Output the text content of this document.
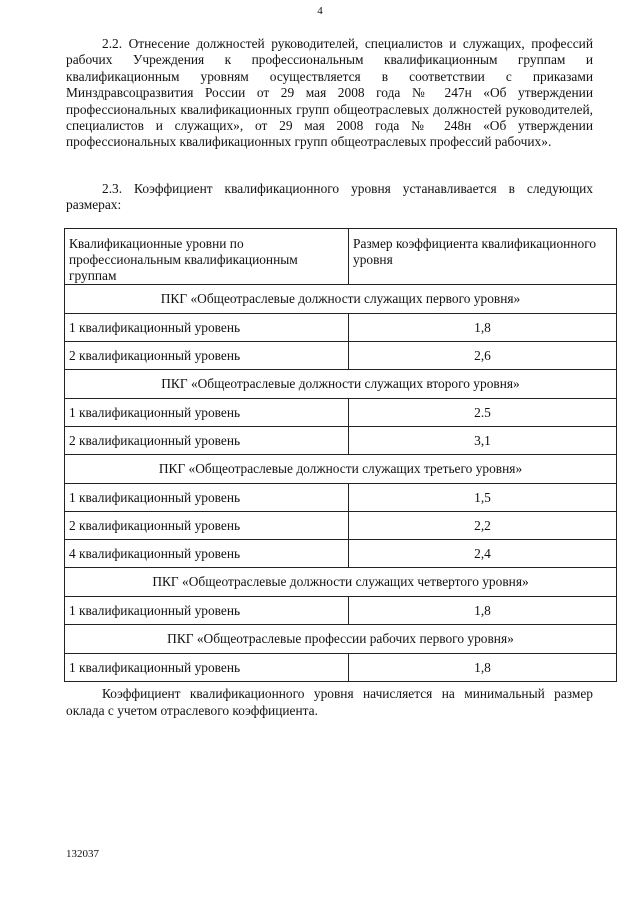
4

2.2. Отнесение должностей руководителей, специалистов и служащих, профессий рабочих Учреждения к профессиональным квалификационным группам и квалификационным уровням осуществляется в соответствии с приказами Минздравсоцразвития России от 29 мая 2008 года № 247н «Об утверждении профессиональных квалификационных групп общеотраслевых должностей руководителей, специалистов и служащих», от 29 мая 2008 года № 248н «Об утверждении профессиональных квалификационных групп общеотраслевых профессий рабочих».

2.3. Коэффициент квалификационного уровня устанавливается в следующих размерах:

Квалификационные уровни по профессиональным квалификационным группам	Размер коэффициента квалификационного уровня
ПКГ «Общеотраслевые должности служащих первого уровня»	
1 квалификационный уровень	1,8
2 квалификационный уровень	2,6
ПКГ «Общеотраслевые должности служащих второго уровня»	
1 квалификационный уровень	2.5
2 квалификационный уровень	3,1
ПКГ «Общеотраслевые должности служащих третьего уровня»	
1 квалификационный уровень	1,5
2 квалификационный уровень	2,2
4 квалификационный уровень	2,4
ПКГ «Общеотраслевые должности служащих четвертого уровня»	
1 квалификационный уровень	1,8
ПКГ «Общеотраслевые профессии рабочих первого уровня»	
1 квалификационный уровень	1,8

Коэффициент квалификационного уровня начисляется на минимальный размер оклада с учетом отраслевого коэффициента.

132037
